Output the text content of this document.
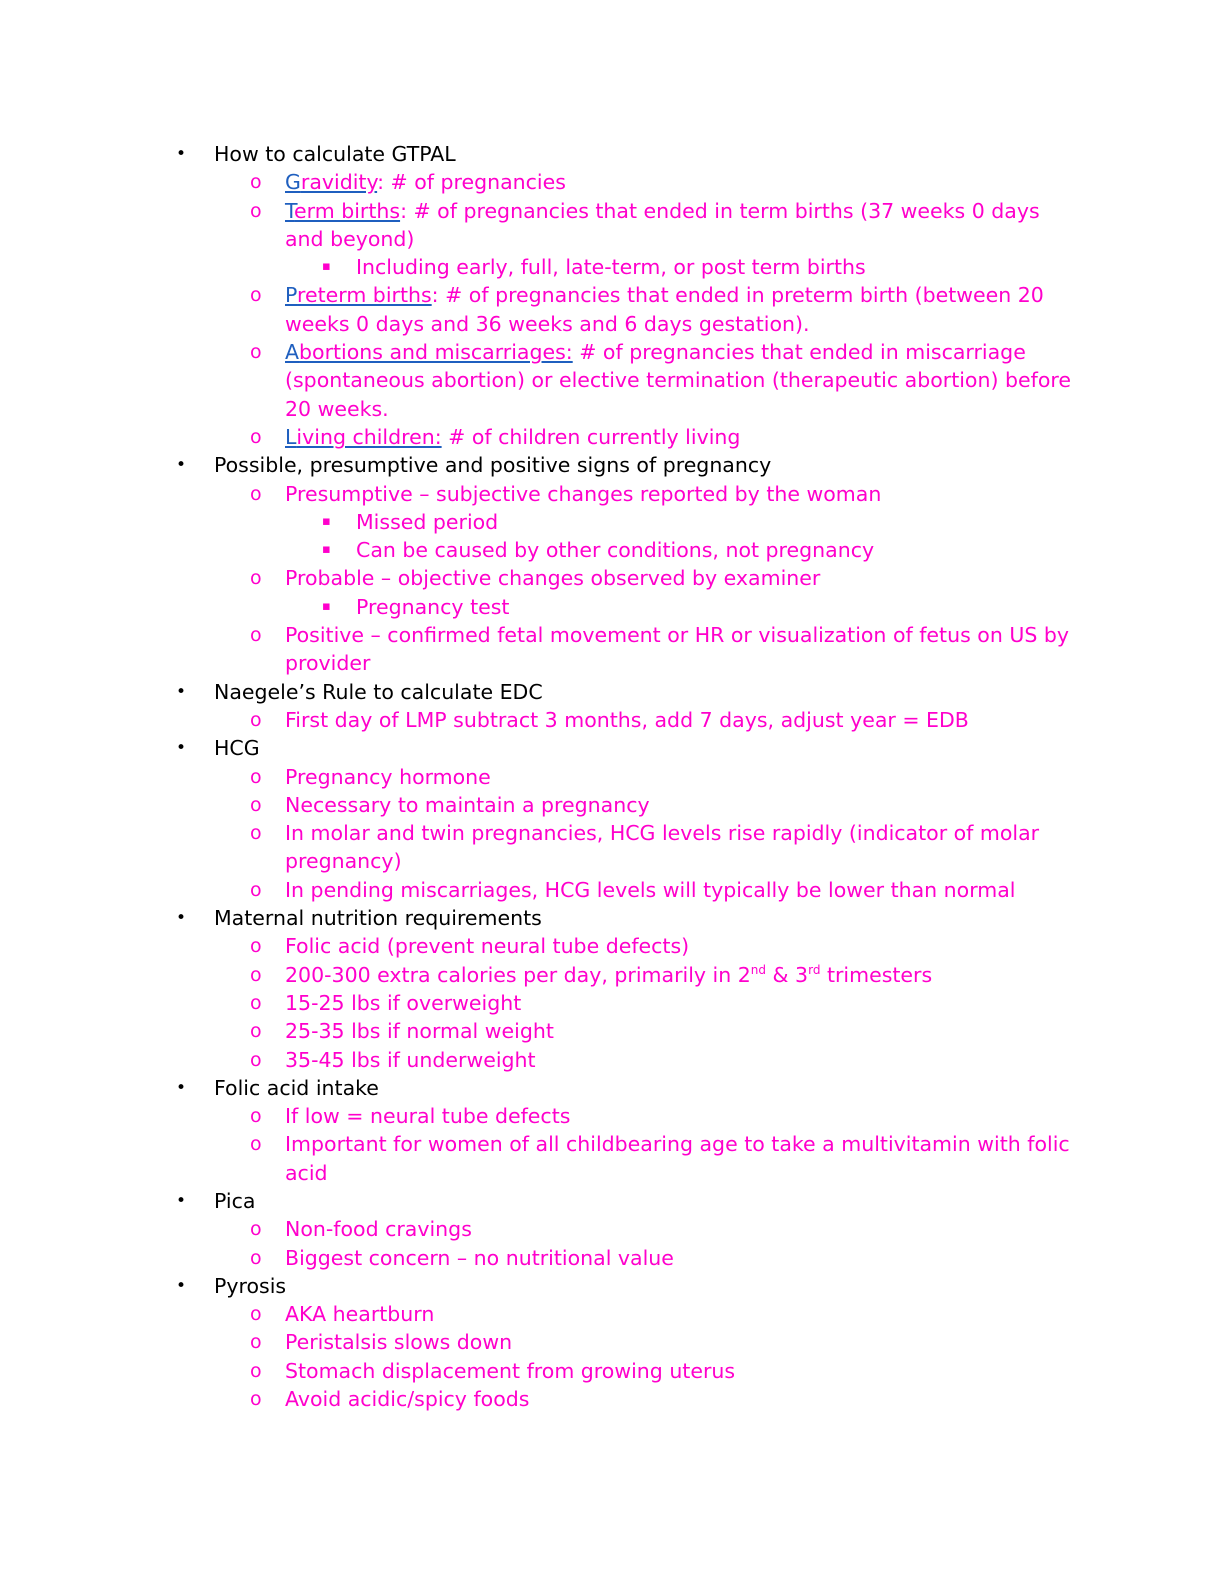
• How to calculate GTPAL
o Gravidity: # of pregnancies
o Term births: # of pregnancies that ended in term births (37 weeks 0 days and beyond)
▪ Including early, full, late-term, or post term births
o Preterm births: # of pregnancies that ended in preterm birth (between 20 weeks 0 days and 36 weeks and 6 days gestation).
o Abortions and miscarriages: # of pregnancies that ended in miscarriage (spontaneous abortion) or elective termination (therapeutic abortion) before 20 weeks.
o Living children: # of children currently living
• Possible, presumptive and positive signs of pregnancy
o Presumptive – subjective changes reported by the woman
▪ Missed period
▪ Can be caused by other conditions, not pregnancy
o Probable – objective changes observed by examiner
▪ Pregnancy test
o Positive – confirmed fetal movement or HR or visualization of fetus on US by provider
• Naegele’s Rule to calculate EDC
o First day of LMP subtract 3 months, add 7 days, adjust year = EDB
• HCG
o Pregnancy hormone
o Necessary to maintain a pregnancy
o In molar and twin pregnancies, HCG levels rise rapidly (indicator of molar pregnancy)
o In pending miscarriages, HCG levels will typically be lower than normal
• Maternal nutrition requirements
o Folic acid (prevent neural tube defects)
o 200-300 extra calories per day, primarily in 2nd & 3rd trimesters
o 15-25 lbs if overweight
o 25-35 lbs if normal weight
o 35-45 lbs if underweight
• Folic acid intake
o If low = neural tube defects
o Important for women of all childbearing age to take a multivitamin with folic acid
• Pica
o Non-food cravings
o Biggest concern – no nutritional value
• Pyrosis
o AKA heartburn
o Peristalsis slows down
o Stomach displacement from growing uterus
o Avoid acidic/spicy foods
